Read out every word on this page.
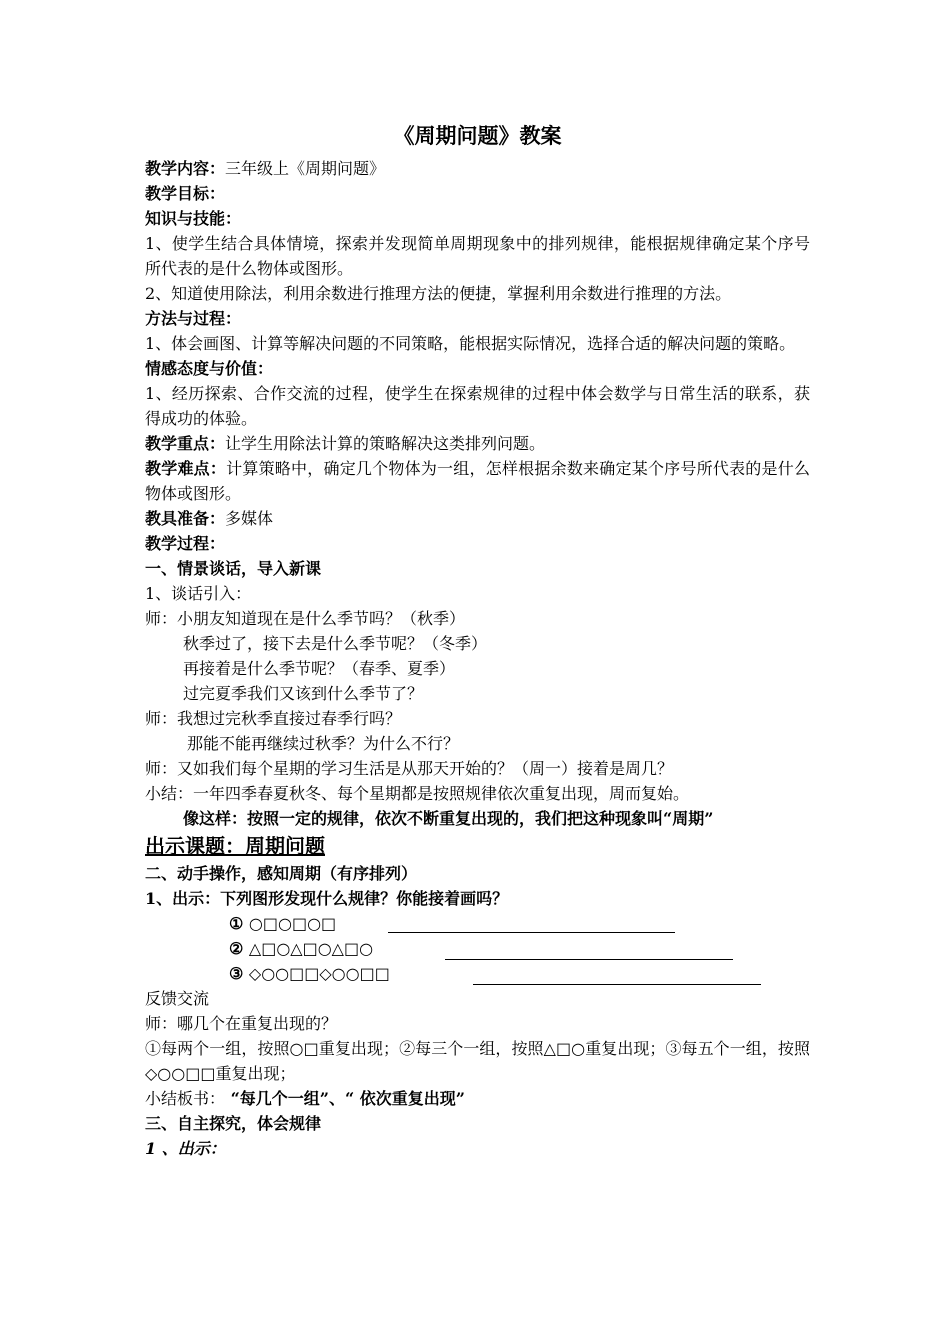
《周期问题》教案

教学内容：三年级上《周期问题》

教学目标：

知识与技能：

1、使学生结合具体情境，探索并发现简单周期现象中的排列规律，能根据规律确定某个序号所代表的是什么物体或图形。

2、知道使用除法，利用余数进行推理方法的便捷，掌握利用余数进行推理的方法。

方法与过程：

1、体会画图、计算等解决问题的不同策略，能根据实际情况，选择合适的解决问题的策略。

情感态度与价值：

1、经历探索、合作交流的过程，使学生在探索规律的过程中体会数学与日常生活的联系，获得成功的体验。

教学重点：让学生用除法计算的策略解决这类排列问题。

教学难点：计算策略中，确定几个物体为一组，怎样根据余数来确定某个序号所代表的是什么物体或图形。

教具准备：多媒体

教学过程：

一、情景谈话，导入新课

1、谈话引入：

师：小朋友知道现在是什么季节吗？（秋季）

秋季过了，接下去是什么季节呢？（冬季）

再接着是什么季节呢？（春季、夏季）

过完夏季我们又该到什么季节了？

师：我想过完秋季直接过春季行吗？

那能不能再继续过秋季？为什么不行？

师：又如我们每个星期的学习生活是从那天开始的？（周一）接着是周几？

小结：一年四季春夏秋冬、每个星期都是按照规律依次重复出现，周而复始。

像这样：按照一定的规律，依次不断重复出现的，我们把这种现象叫“周期”

出示课题：周期问题

二、动手操作，感知周期（有序排列）

1、出示：下列图形发现什么规律？你能接着画吗？

① ○□○□○□
② △□○△□○△□○
③ ◇○○□□◇○○□□
反馈交流

师：哪几个在重复出现的？

①每两个一组，按照○□重复出现；②每三个一组，按照△□○重复出现；③每五个一组，按照◇○○□□重复出现；

小结板书： “每几个一组”、“ 依次重复出现”

三、自主探究，体会规律

1 、出示：
